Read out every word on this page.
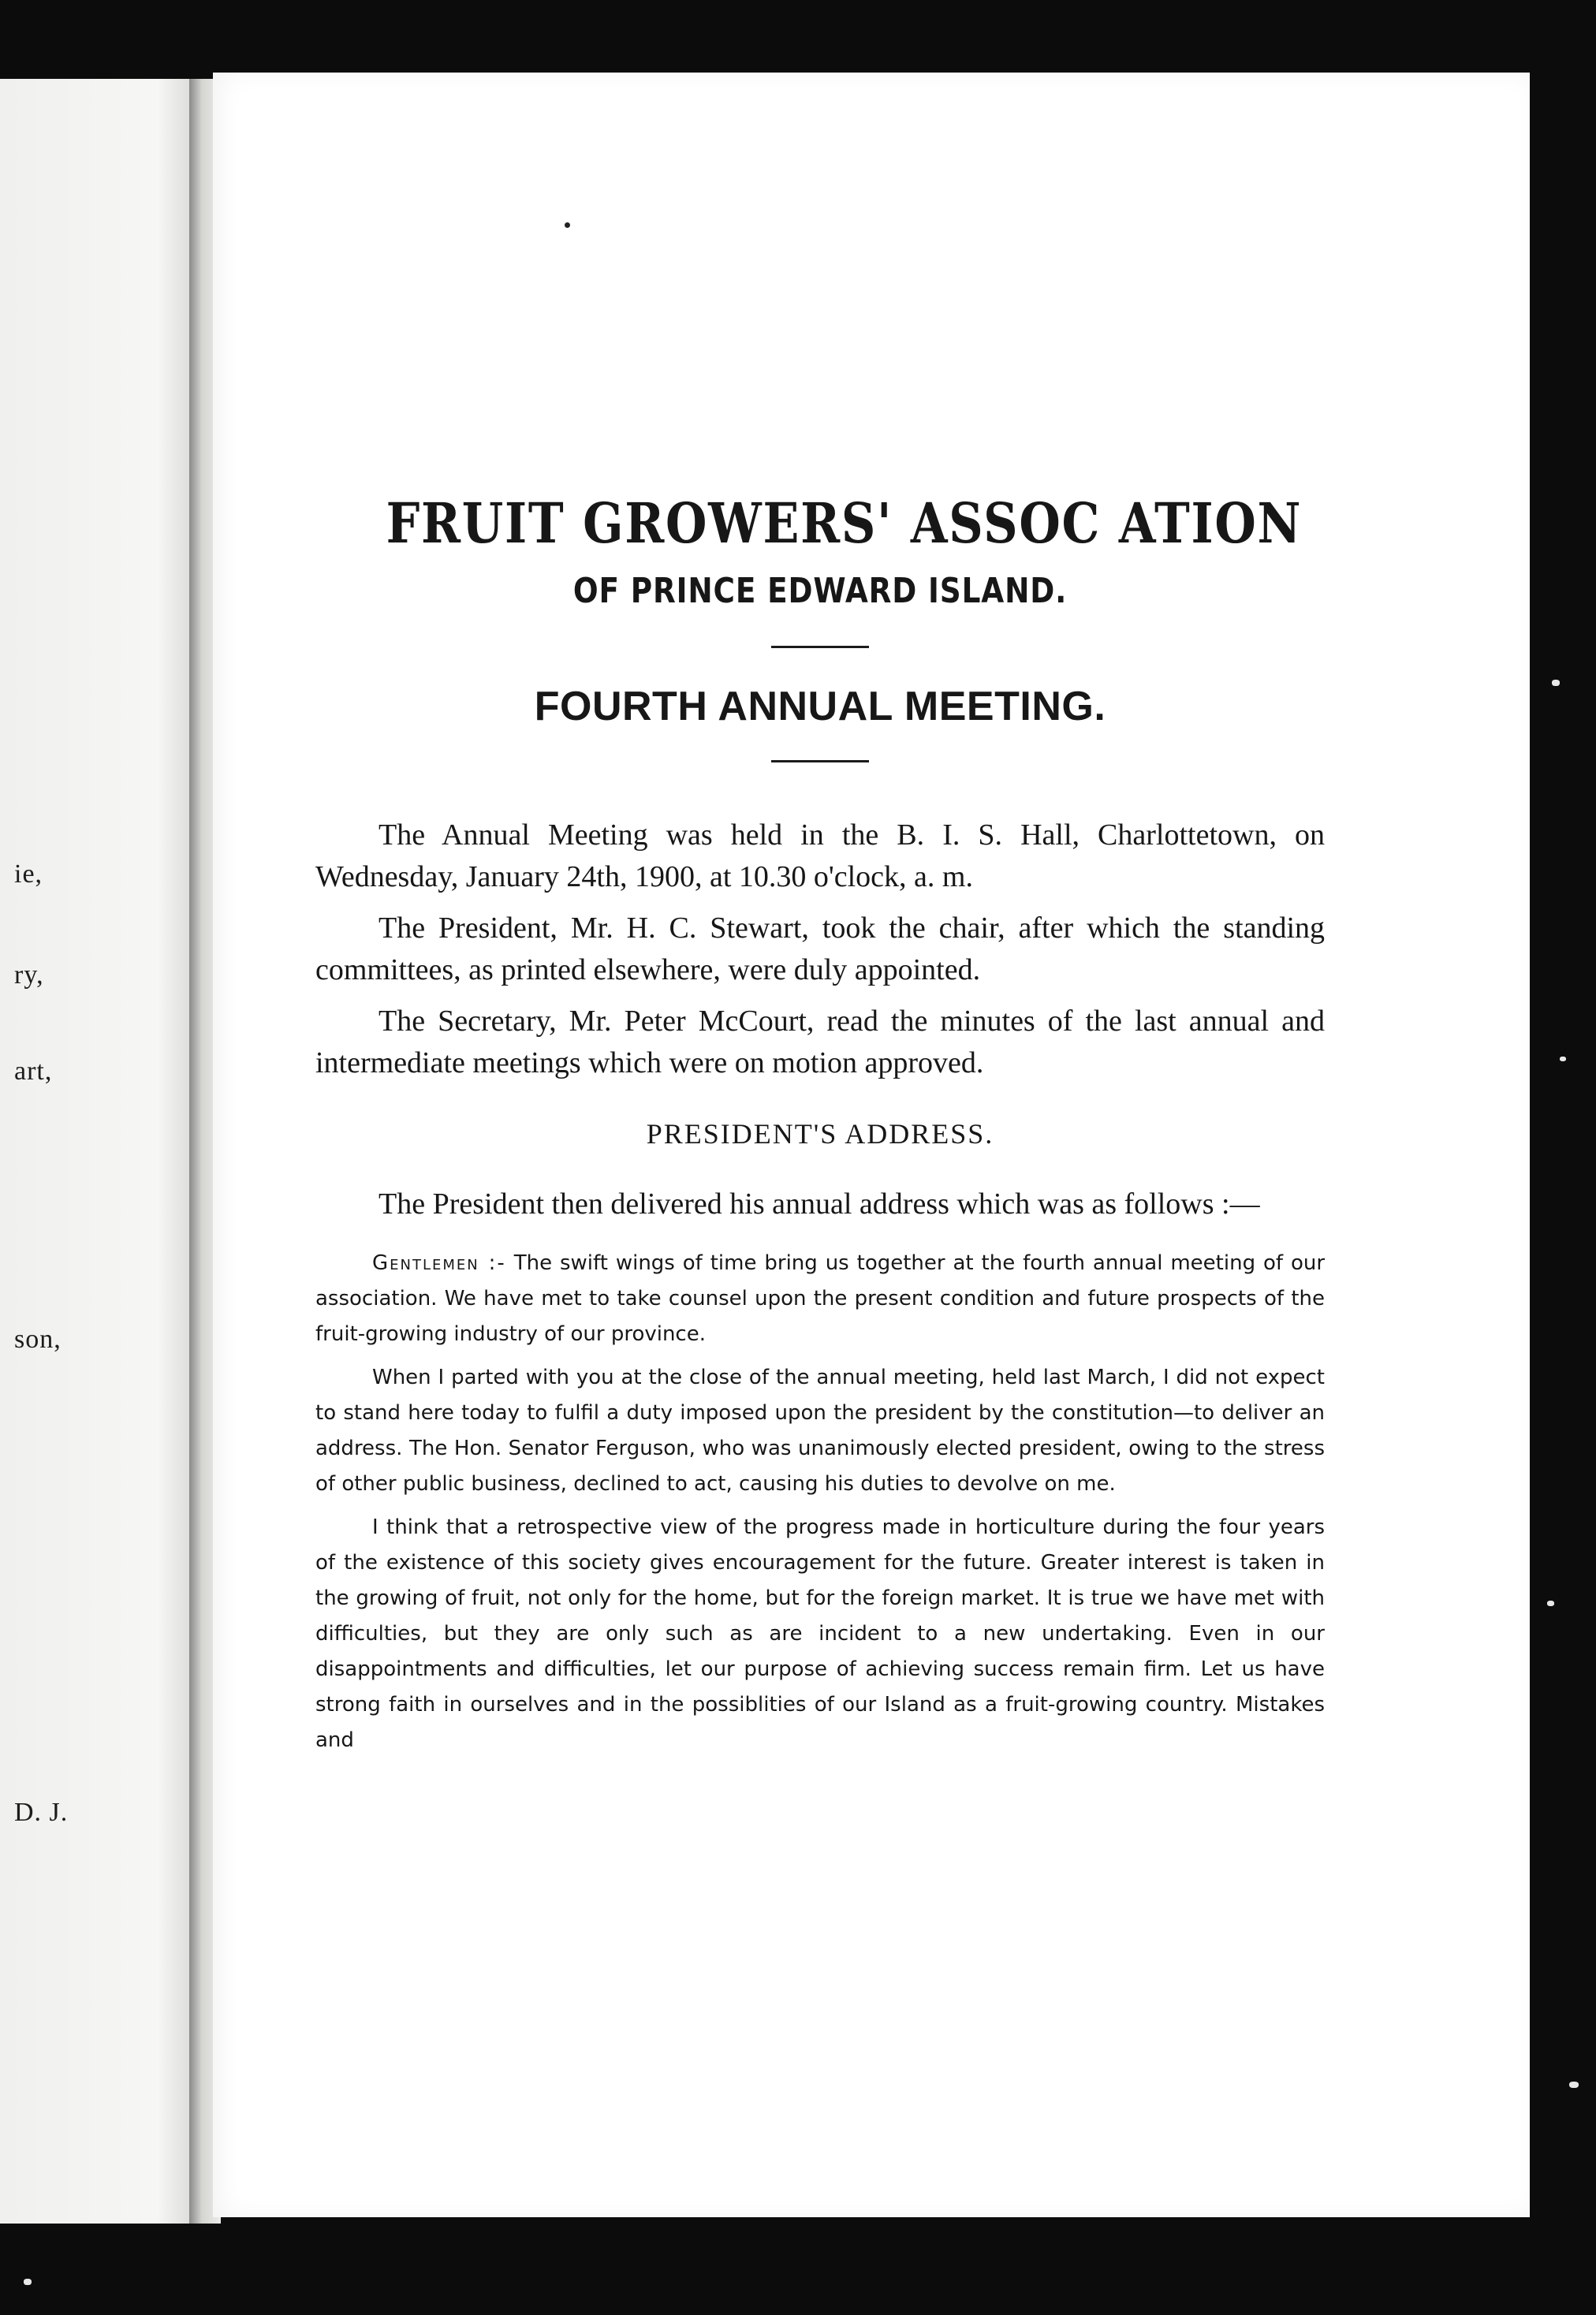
ie,
ry,
art,
son,
D. J.
FRUIT GROWERS' ASSOC ATION
OF PRINCE EDWARD ISLAND.
FOURTH ANNUAL MEETING.

The Annual Meeting was held in the B. I. S. Hall, Charlottetown, on Wednesday, January 24th, 1900, at 10.30 o'clock, a. m.

The President, Mr. H. C. Stewart, took the chair, after which the standing committees, as printed elsewhere, were duly appointed.

The Secretary, Mr. Peter McCourt, read the minutes of the last annual and intermediate meetings which were on motion approved.

PRESIDENT'S ADDRESS.

The President then delivered his annual address which was as follows :—

Gentlemen :- The swift wings of time bring us together at the fourth annual meeting of our association. We have met to take counsel upon the present condition and future prospects of the fruit-growing industry of our province.

When I parted with you at the close of the annual meeting, held last March, I did not expect to stand here today to fulfil a duty imposed upon the president by the constitution—to deliver an address. The Hon. Senator Ferguson, who was unanimously elected president, owing to the stress of other public business, declined to act, causing his duties to devolve on me.

I think that a retrospective view of the progress made in horticulture during the four years of the existence of this society gives encouragement for the future. Greater interest is taken in the growing of fruit, not only for the home, but for the foreign market. It is true we have met with difficulties, but they are only such as are incident to a new undertaking. Even in our disappointments and difficulties, let our purpose of achieving success remain firm. Let us have strong faith in ourselves and in the possiblities of our Island as a fruit-growing country. Mistakes and
